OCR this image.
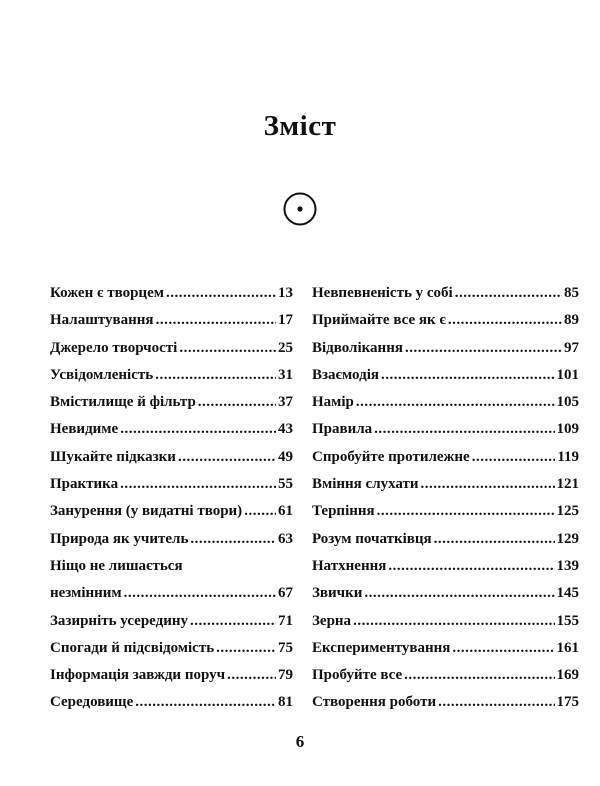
Зміст
Кожен є творцем .....	13
Налаштування .....	17
Джерело творчості .....	25
Усвідомленість .....	31
Вмістилище й фільтр .....	37
Невидиме .....	43
Шукайте підказки .....	49
Практика .....	55
Занурення (у видатні твори) ..... 61
Природа як учитель .....	63
Ніщо не лишається
незмінним .....	67
Зазирніть усередину .....	71
Спогади й підсвідомість .....	75
Інформація завжди поруч .....	79
Середовище .....	81
Невпевненість у собі .....	85
Приймайте все як є .....	89
Відволікання .....	97
Взаємодія .....	101
Намір .....	105
Правила .....	109
Спробуйте протилежне .....	119
Вміння слухати .....	121
Терпіння .....	125
Розум початківця .....	129
Натхнення .....	139
Звички .....	145
Зерна .....	155
Експериментування .....	161
Пробуйте все .....	169
Створення роботи .....	175
6
